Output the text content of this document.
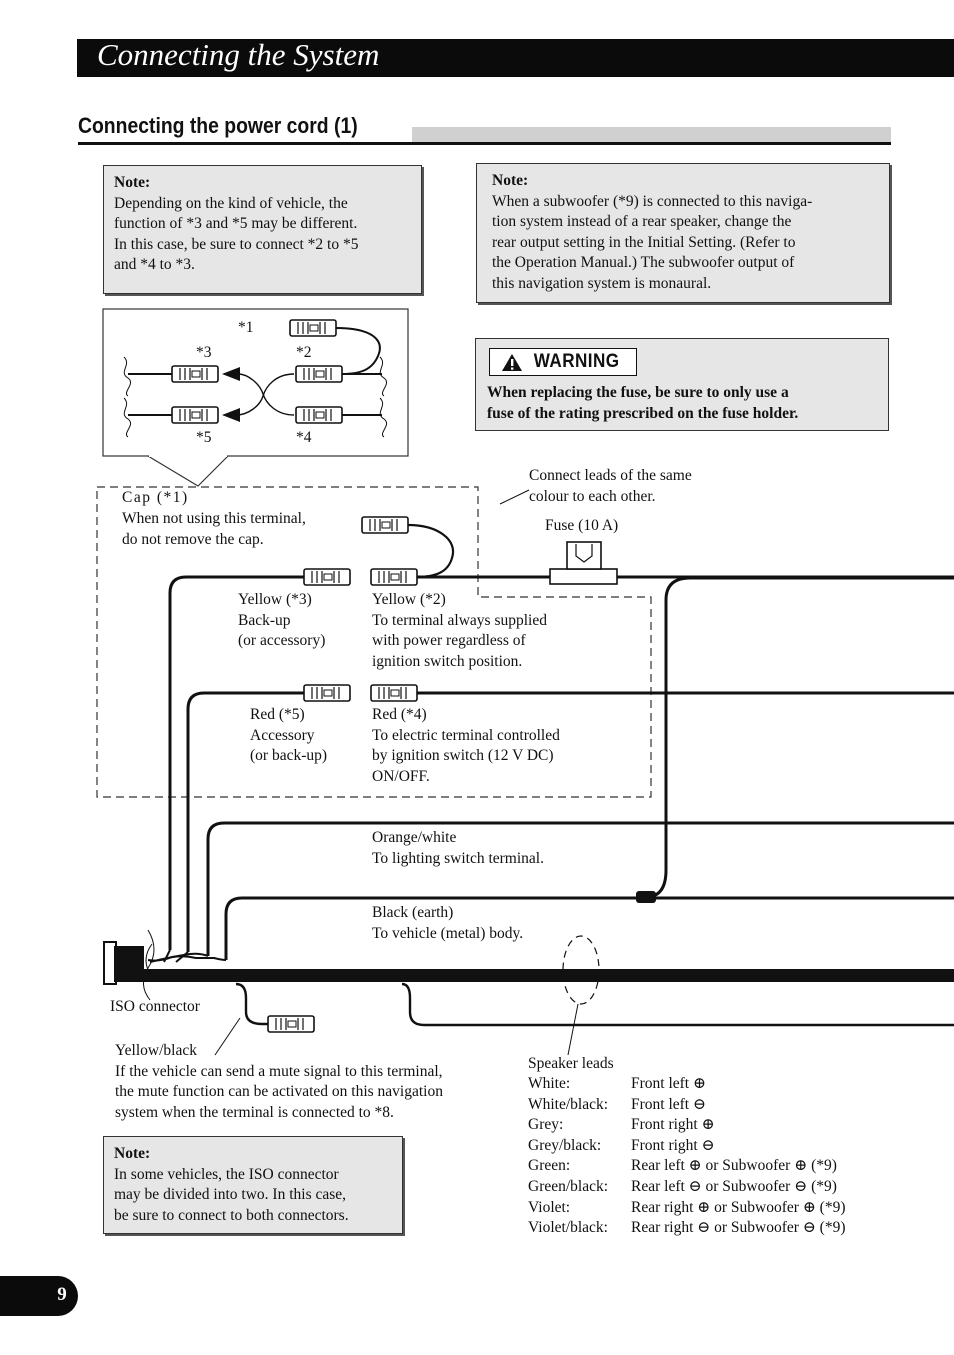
Connecting the System
Connecting the power cord (1)
*1
*2
*3
*4
*5
Note:
Depending on the kind of vehicle, the
function of *3 and *5 may be different.
In this case, be sure to connect *2 to *5
and *4 to *3.
Note:
When a subwoofer (*9) is connected to this naviga-
tion system instead of a rear speaker, change the
rear output setting in the Initial Setting. (Refer to
the Operation Manual.) The subwoofer output of
this navigation system is monaural.
WARNING
When replacing the fuse, be sure to only use a
fuse of the rating prescribed on the fuse holder.
Cap (*1)
When not using this terminal,
do not remove the cap.
Connect leads of the same
colour to each other.
Fuse (10 A)
Yellow (*3)
Back-up
(or accessory)
Yellow (*2)
To terminal always supplied
with power regardless of
ignition switch position.
Red (*5)
Accessory
(or back-up)
Red (*4)
To electric terminal controlled
by ignition switch (12 V DC)
ON/OFF.
Orange/white
To lighting switch terminal.
Black (earth)
To vehicle (metal) body.
ISO connector
Yellow/black
If the vehicle can send a mute signal to this terminal,
the mute function can be activated on this navigation
system when the terminal is connected to *8.
Note:
In some vehicles, the ISO connector
may be divided into two. In this case,
be sure to connect to both connectors.
Speaker leads
White:	Front left ⊕
White/black:	Front left ⊖
Grey:	Front right ⊕
Grey/black:	Front right ⊖
Green:	Rear left ⊕ or Subwoofer ⊕ (*9)
Green/black:	Rear left ⊖ or Subwoofer ⊖ (*9)
Violet:	Rear right ⊕ or Subwoofer ⊕ (*9)
Violet/black:	Rear right ⊖ or Subwoofer ⊖ (*9)
9
